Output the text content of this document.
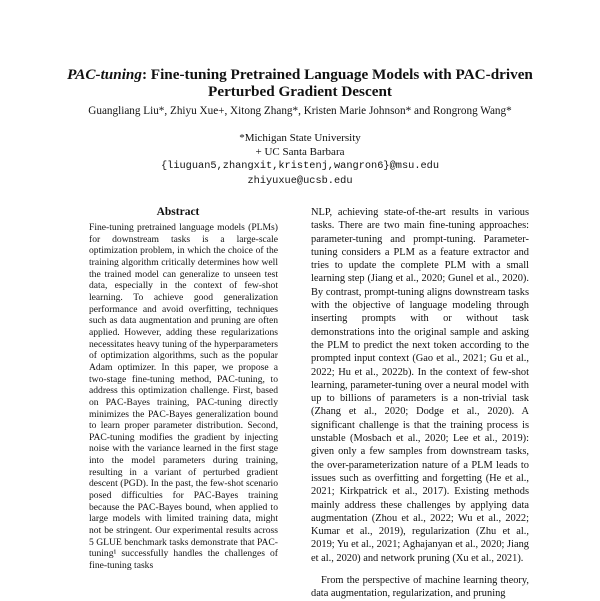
PAC-tuning: Fine-tuning Pretrained Language Models with PAC-driven Perturbed Gradient Descent
Guangliang Liu*, Zhiyu Xue+, Xitong Zhang*, Kristen Marie Johnson* and Rongrong Wang*
*Michigan State University
+ UC Santa Barbara
{liuguan5,zhangxit,kristenj,wangron6}@msu.edu
zhiyuxue@ucsb.edu
Abstract
Fine-tuning pretrained language models (PLMs) for downstream tasks is a large-scale optimization problem, in which the choice of the training algorithm critically determines how well the trained model can generalize to unseen test data, especially in the context of few-shot learning. To achieve good generalization performance and avoid overfitting, techniques such as data augmentation and pruning are often applied. However, adding these regularizations necessitates heavy tuning of the hyperparameters of optimization algorithms, such as the popular Adam optimizer. In this paper, we propose a two-stage fine-tuning method, PAC-tuning, to address this optimization challenge. First, based on PAC-Bayes training, PAC-tuning directly minimizes the PAC-Bayes generalization bound to learn proper parameter distribution. Second, PAC-tuning modifies the gradient by injecting noise with the variance learned in the first stage into the model parameters during training, resulting in a variant of perturbed gradient descent (PGD). In the past, the few-shot scenario posed difficulties for PAC-Bayes training because the PAC-Bayes bound, when applied to large models with limited training data, might not be stringent. Our experimental results across 5 GLUE benchmark tasks demonstrate that PAC-tuning¹ successfully handles the challenges of fine-tuning tasks

NLP, achieving state-of-the-art results in various tasks. There are two main fine-tuning approaches: parameter-tuning and prompt-tuning. Parameter-tuning considers a PLM as a feature extractor and tries to update the complete PLM with a small learning step (Jiang et al., 2020; Gunel et al., 2020). By contrast, prompt-tuning aligns downstream tasks with the objective of language modeling through inserting prompts with or without task demonstrations into the original sample and asking the PLM to predict the next token according to the prompted input context (Gao et al., 2021; Gu et al., 2022; Hu et al., 2022b). In the context of few-shot learning, parameter-tuning over a neural model with up to billions of parameters is a non-trivial task (Zhang et al., 2020; Dodge et al., 2020). A significant challenge is that the training process is unstable (Mosbach et al., 2020; Lee et al., 2019): given only a few samples from downstream tasks, the over-parameterization nature of a PLM leads to issues such as overfitting and forgetting (He et al., 2021; Kirkpatrick et al., 2017). Existing methods mainly address these challenges by applying data augmentation (Zhou et al., 2022; Wu et al., 2022; Kumar et al., 2019), regularization (Zhu et al., 2019; Yu et al., 2021; Aghajanyan et al., 2020; Jiang et al., 2020) and network pruning (Xu et al., 2021).

From the perspective of machine learning theory, data augmentation, regularization, and pruning
